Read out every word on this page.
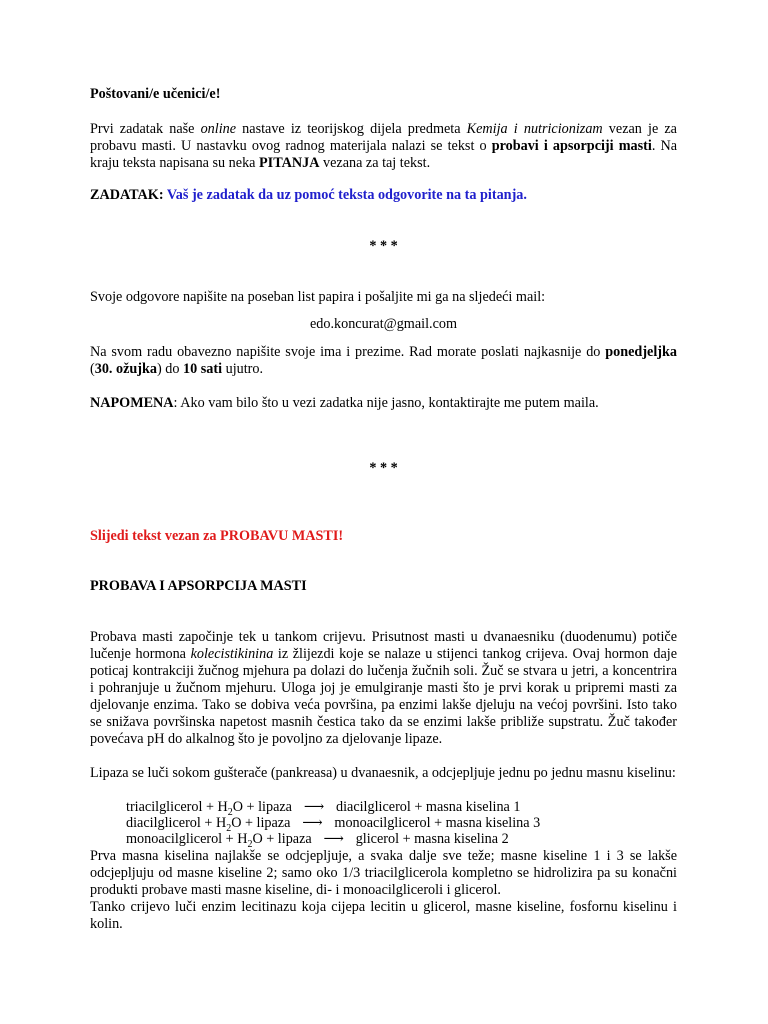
Poštovani/e učenici/e!
Prvi zadatak naše online nastave iz teorijskog dijela predmeta Kemija i nutricionizam vezan je za probavu masti. U nastavku ovog radnog materijala nalazi se tekst o probavi i apsorpciji masti. Na kraju teksta napisana su neka PITANJA vezana za taj tekst.
ZADATAK: Vaš je zadatak da uz pomoć teksta odgovorite na ta pitanja.
* * *
Svoje odgovore napišite na poseban list papira i pošaljite mi ga na sljedeći mail:
edo.koncurat@gmail.com
Na svom radu obavezno napišite svoje ima i prezime. Rad morate poslati najkasnije do ponedjeljka (30. ožujka) do 10 sati ujutro.
NAPOMENA: Ako vam bilo što u vezi zadatka nije jasno, kontaktirajte me putem maila.
* * *
Slijedi tekst vezan za PROBAVU MASTI!
PROBAVA I APSORPCIJA MASTI
Probava masti započinje tek u tankom crijevu. Prisutnost masti u dvanaesniku (duodenumu) potiče lučenje hormona kolecistikinina iz žlijezdi koje se nalaze u stijenci tankog crijeva. Ovaj hormon daje poticaj kontrakciji žučnog mjehura pa dolazi do lučenja žučnih soli. Žuč se stvara u jetri, a koncentrira i pohranjuje u žučnom mjehuru. Uloga joj je emulgiranje masti što je prvi korak u pripremi masti za djelovanje enzima. Tako se dobiva veća površina, pa enzimi lakše djeluju na većoj površini. Isto tako se snižava površinska napetost masnih čestica tako da se enzimi lakše približe supstratu. Žuč također povećava pH do alkalnog što je povoljno za djelovanje lipaze.
Lipaza se luči sokom gušterače (pankreasa) u dvanaesnik, a odcjepljuje jednu po jednu masnu kiselinu:
triacilglicerol + $H_2O$ + lipaza ⟶ diacilglicerol + masna kiselina 1
diacilglicerol + $H_2O$ + lipaza ⟶ monoacilglicerol + masna kiselina 3
monoacilglicerol + $H_2O$ + lipaza ⟶ glicerol + masna kiselina 2
Prva masna kiselina najlakše se odcjepljuje, a svaka dalje sve teže; masne kiseline 1 i 3 se lakše odcjepljuju od masne kiseline 2; samo oko 1/3 triacilglicerola kompletno se hidrolizira pa su konačni produkti probave masti masne kiseline, di- i monoacilgliceroli i glicerol.
Tanko crijevo luči enzim lecitinazu koja cijepa lecitin u glicerol, masne kiseline, fosfornu kiselinu i kolin.
